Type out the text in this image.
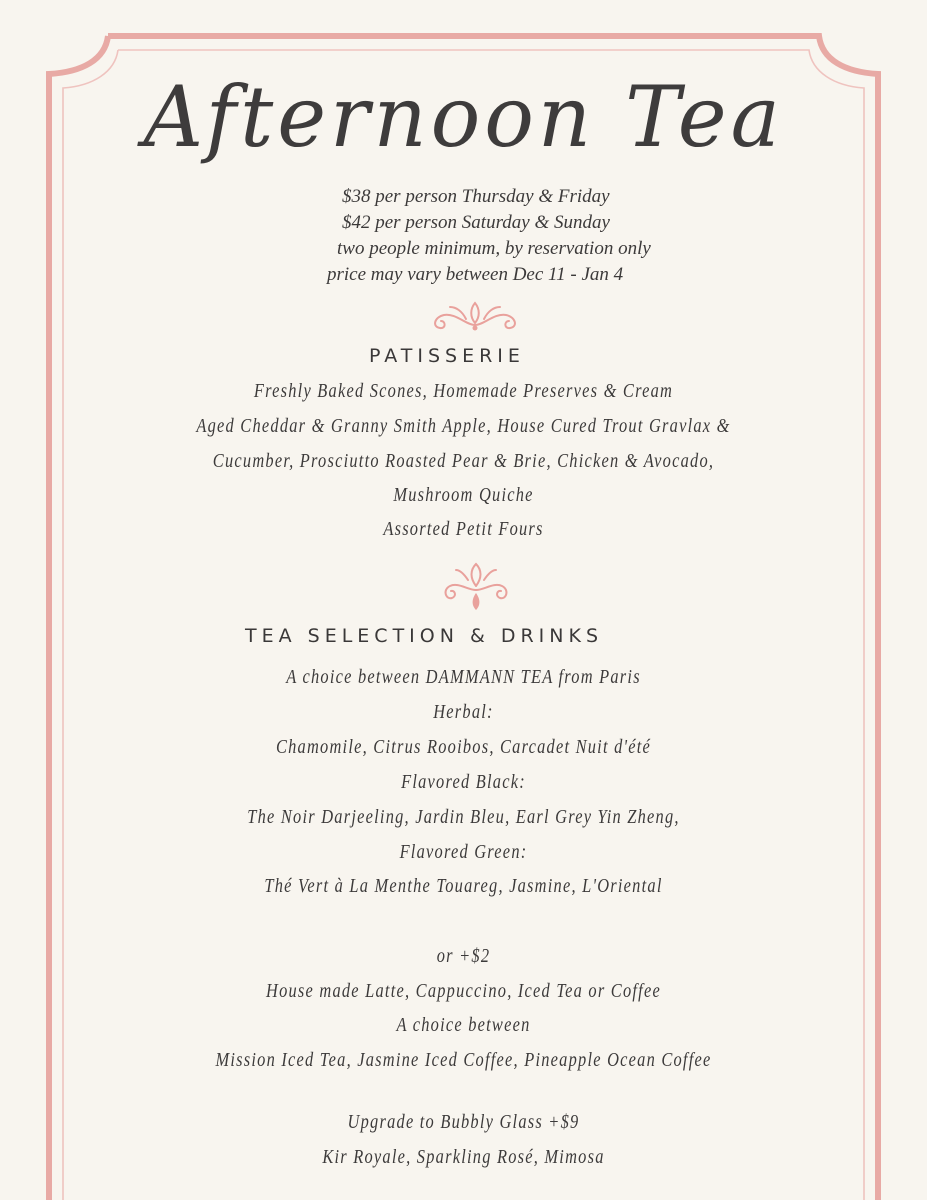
Afternoon Tea
$38 per person Thursday & Friday
$42 per person Saturday & Sunday
two people minimum, by reservation only
price may vary between Dec 11 - Jan 4
PATISSERIE
Freshly Baked Scones, Homemade Preserves & Cream
Aged Cheddar & Granny Smith Apple, House Cured Trout Gravlax &
Cucumber, Prosciutto Roasted Pear & Brie, Chicken & Avocado,
Mushroom Quiche
Assorted Petit Fours
TEA SELECTION & DRINKS
A choice between DAMMANN TEA from Paris
Herbal:
Chamomile, Citrus Rooibos, Carcadet Nuit d'été
Flavored Black:
The Noir Darjeeling, Jardin Bleu, Earl Grey Yin Zheng,
Flavored Green:
Thé Vert à La Menthe Touareg, Jasmine, L'Oriental
or +$2
House made Latte, Cappuccino, Iced Tea or Coffee
A choice between
Mission Iced Tea, Jasmine Iced Coffee, Pineapple Ocean Coffee
Upgrade to Bubbly Glass +$9
Kir Royale, Sparkling Rosé, Mimosa
